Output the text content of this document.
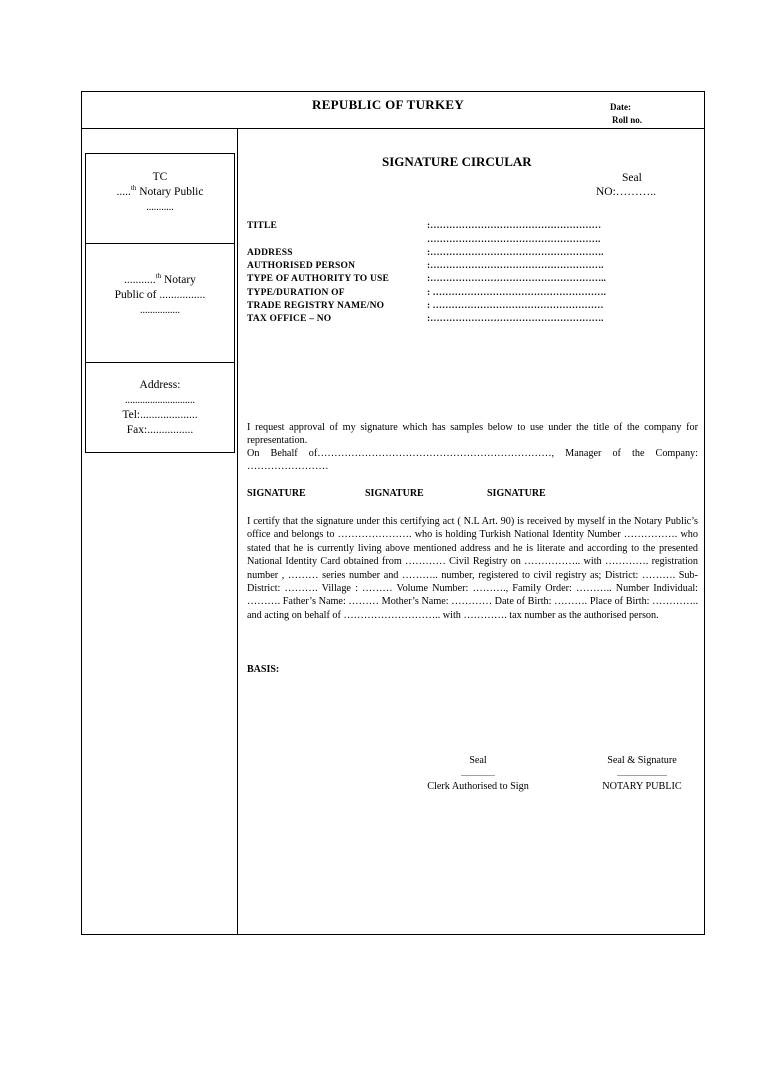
REPUBLIC OF TURKEY	Date:
Roll no.
TC
.....$^{th}$ Notary Public
...........
...........$^{th}$ Notary
Public of ................
................
Address:
............................
Tel:....................
Fax:................
SIGNATURE CIRCULAR
Seal
NO:………..
TITLE	:………………………………………………
……………………………………………….
ADDRESS	:……………………………………………….
AUTHORISED PERSON	:……………………………………………….
TYPE OF AUTHORITY TO USE	:………………………………………………..
TYPE/DURATION OF	: ……………………………………………….
TRADE REGISTRY NAME/NO	: ………………………………………………
TAX OFFICE – NO	:……………………………………………….
I request approval of my signature which has samples below to use under the title of the company for representation.
On Behalf of……………………………………………………………, Manager of the Company: ……………………
SIGNATURE	SIGNATURE	SIGNATURE
I certify that the signature under this certifying act ( N.L Art. 90) is received by myself in the Notary Public’s office and belongs to …………………. who is holding Turkish National Identity Number ……………. who stated that he is currently living above mentioned address and he is literate and according to the presented National Identity Card obtained from ………… Civil Registry on …………….. with …………. registration number , ……… series number and ……….. number, registered to civil registry as; District: ………. Sub-District: ………. Village : ……… Volume Number: ………., Family Order: ……….. Number Individual: ………. Father’s Name: ……… Mother’s Name: ………… Date of Birth: ………. Place of Birth: ………….. and acting on behalf of ……………………….. with …………. tax number as the authorised person.
BASIS:
Seal
.................
Clerk Authorised to Sign
Seal & Signature
.........................
NOTARY PUBLIC
